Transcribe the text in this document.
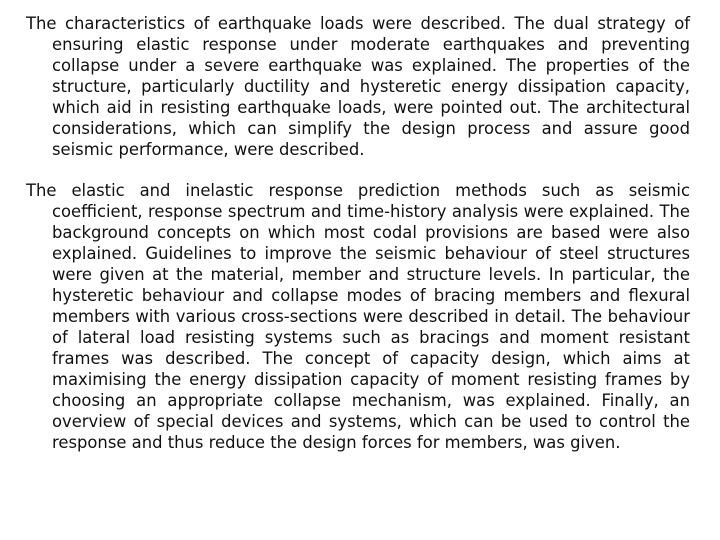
The characteristics of earthquake loads were described. The dual strategy of ensuring elastic response under moderate earthquakes and preventing collapse under a severe earthquake was explained. The properties of the structure, particularly ductility and hysteretic energy dissipation capacity, which aid in resisting earthquake loads, were pointed out. The architectural considerations, which can simplify the design process and assure good seismic performance, were described.

The elastic and inelastic response prediction methods such as seismic coefficient, response spectrum and time-history analysis were explained. The background concepts on which most codal provisions are based were also explained. Guidelines to improve the seismic behaviour of steel structures were given at the material, member and structure levels. In particular, the hysteretic behaviour and collapse modes of bracing members and flexural members with various cross-sections were described in detail. The behaviour of lateral load resisting systems such as bracings and moment resistant frames was described. The concept of capacity design, which aims at maximising the energy dissipation capacity of moment resisting frames by choosing an appropriate collapse mechanism, was explained. Finally, an overview of special devices and systems, which can be used to control the response and thus reduce the design forces for members, was given.
